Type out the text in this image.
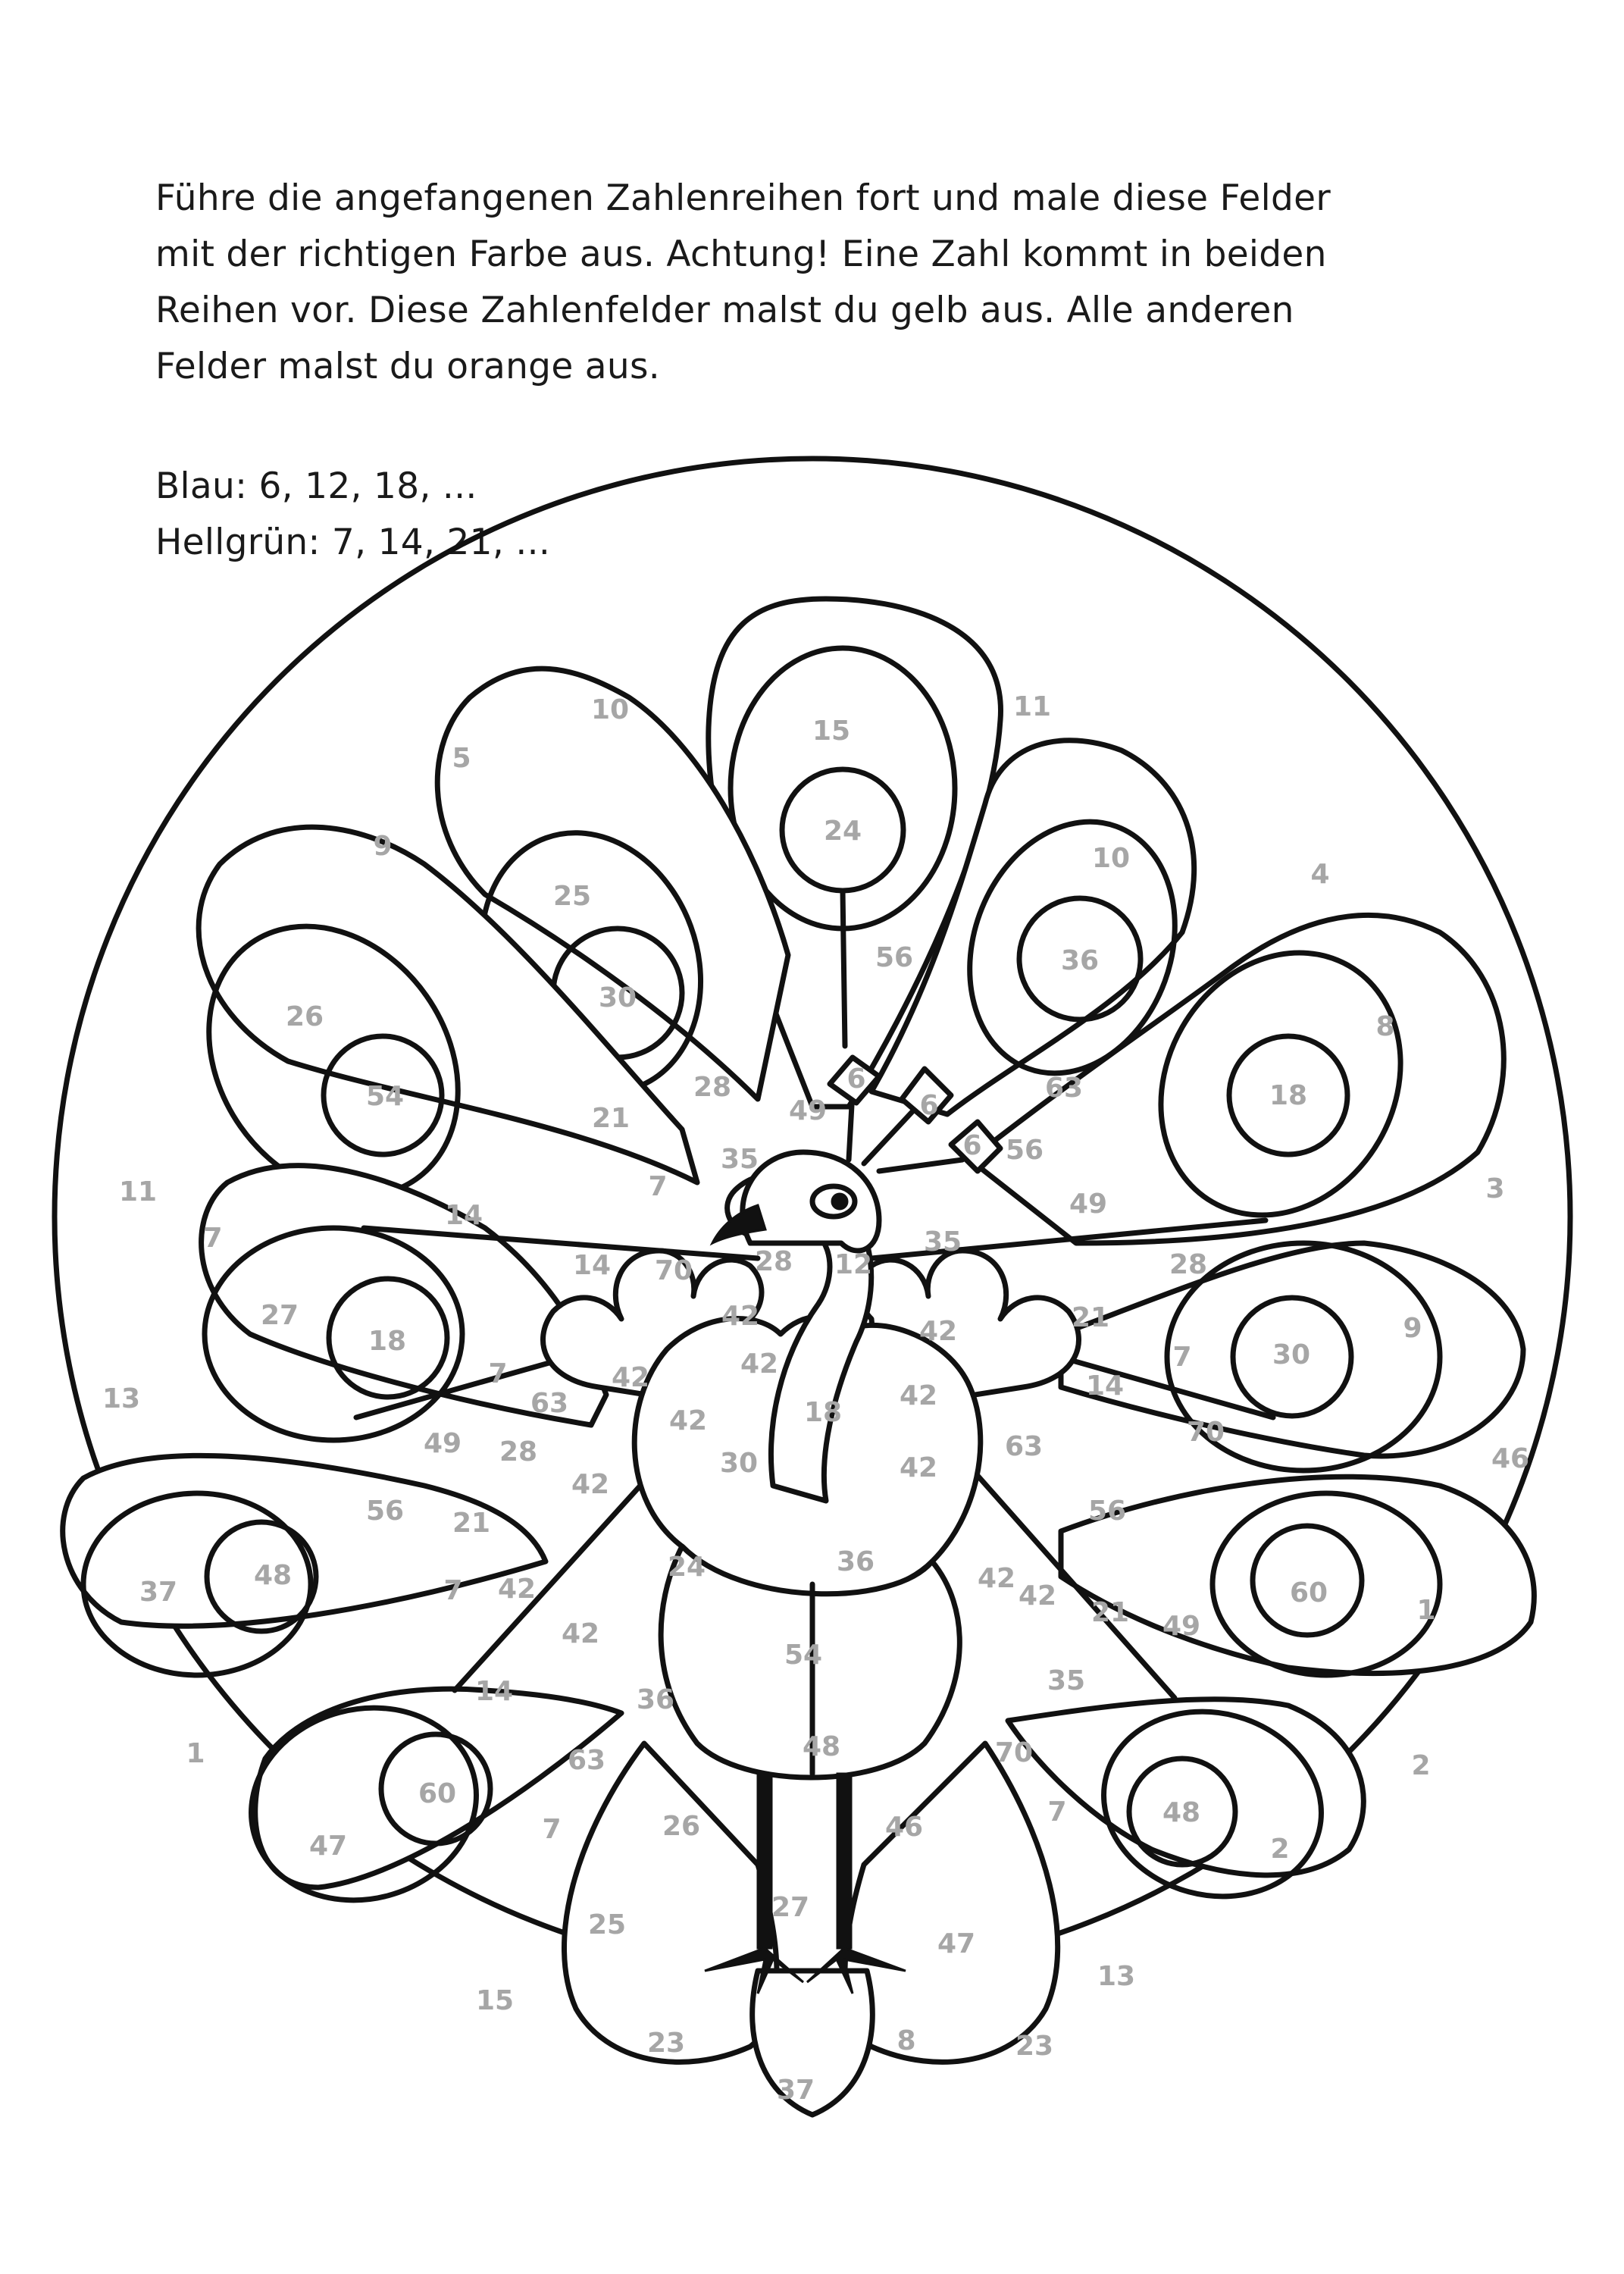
Führe die angefangenen Zahlenreihen fort und male diese Felder

mit der richtigen Farbe aus. Achtung! Eine Zahl kommt in beiden

Reihen vor. Diese Zahlenfelder malst du gelb aus. Alle anderen

Felder malst du orange aus.

Blau: 6, 12, 18, ...
Hellgrün: 7, 14, 21, ...
10
15
11
5
24
4
9
25
10
56	36
30
26	8
54	63	18
6
28
6
49
21
6
35	56
11	3
7
14	49
35
70 28 12
7
28
27
14
21	9
18
42	42
7	30
7
63
42	42
13
49 28
18
42	14
70
46
42
63
56
30
42
42
21	56
37
48	7 42
24	36
42
42	60
1
21 49
42
54
14	36
35
1	63	48	70	2
60
7	26	46	7	48
47	2
27
25
47
15
13
23	8	23
37
